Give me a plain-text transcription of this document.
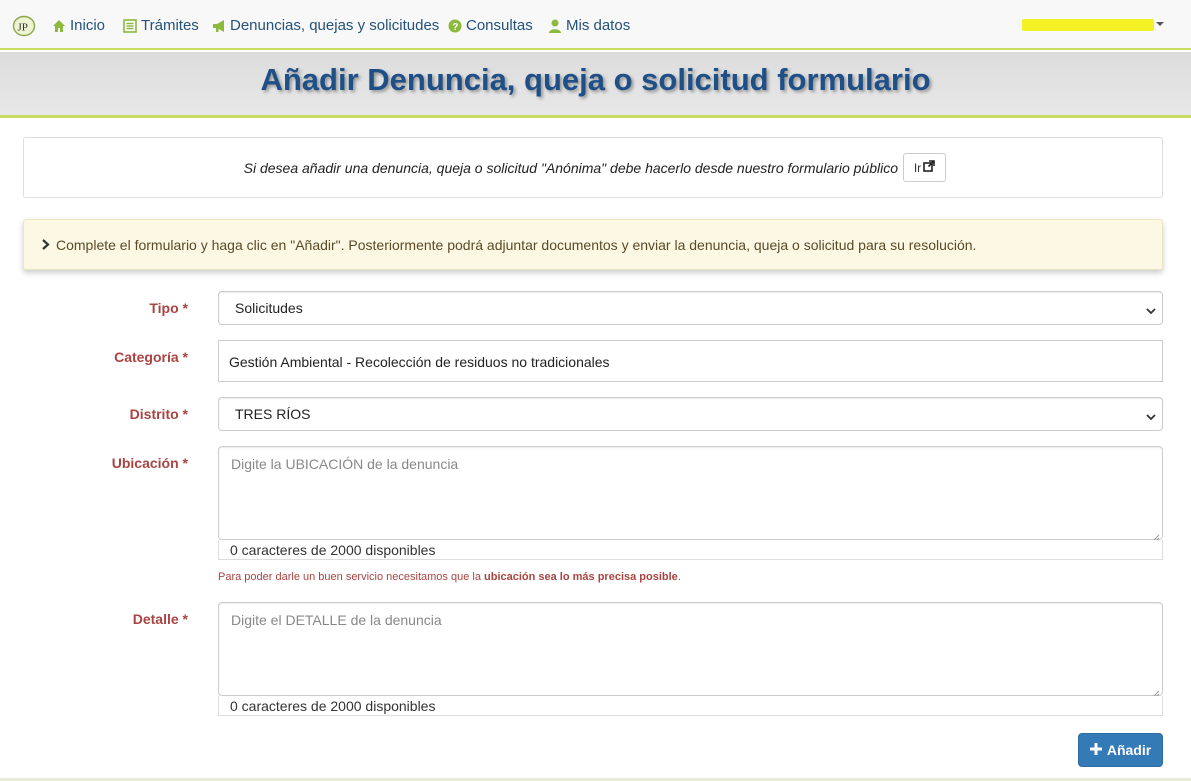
JP	Inicio Trámites Denuncias, quejas y solicitudes ? Consultas Mis datos
Añadir Denuncia, queja o solicitud formulario
Si desea añadir una denuncia, queja o solicitud "Anónima" debe hacerlo desde nuestro formulario público Ir
Complete el formulario y haga clic en "Añadir". Posteriormente podrá adjuntar documentos y enviar la denuncia, queja o solicitud para su resolución.
Tipo *	Solicitudes
Categoría *	Gestión Ambiental - Recolección de residuos no tradicionales
Distrito *	TRES RÍOS
Ubicación *	Digite la UBICACIÓN de la denuncia
0 caracteres de 2000 disponibles
Para poder darle un buen servicio necesitamos que la ubicación sea lo más precisa posible.
Detalle *	Digite el DETALLE de la denuncia
0 caracteres de 2000 disponibles
Añadir
